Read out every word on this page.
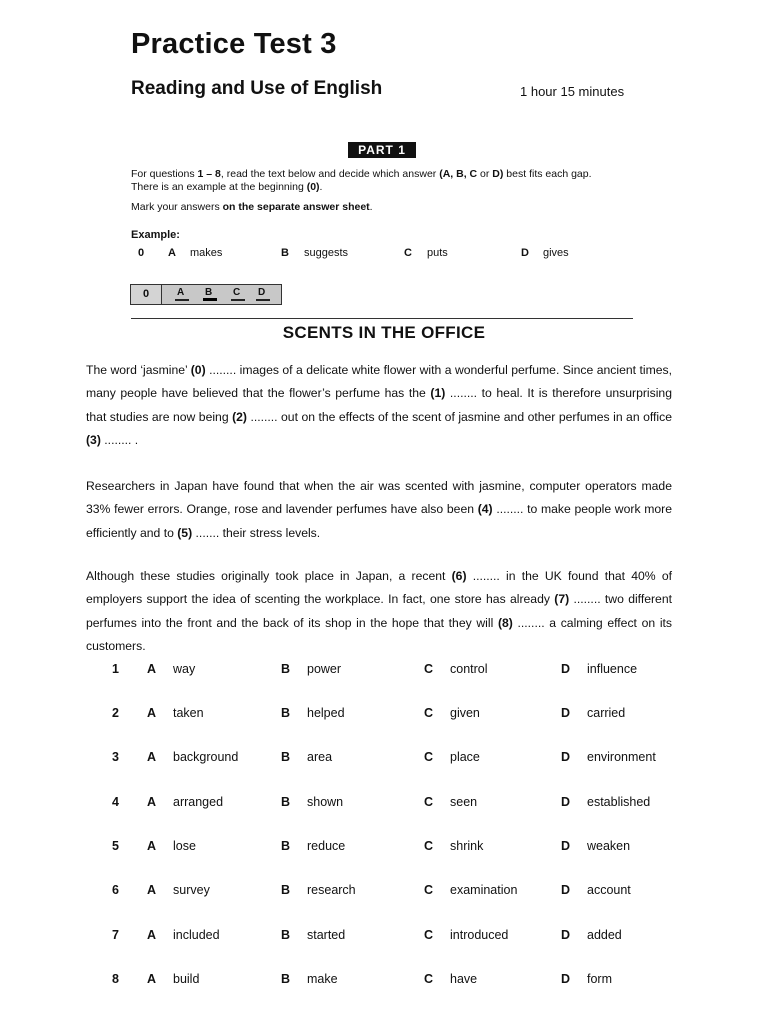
Practice Test 3
Reading and Use of English	1 hour 15 minutes
PART 1
For questions 1 – 8, read the text below and decide which answer (A, B, C or D) best fits each gap.
There is an example at the beginning (0).
Mark your answers on the separate answer sheet.
Example:
0 A makes	B suggests	C puts	D gives
0	A B C D
SCENTS IN THE OFFICE
The word ‘jasmine’ (0) ........ images of a delicate white flower with a wonderful perfume. Since ancient times, many people have believed that the flower’s perfume has the (1) ........ to heal. It is therefore unsurprising that studies are now being (2) ........ out on the effects of the scent of jasmine and other perfumes in an office (3) ........ .
Researchers in Japan have found that when the air was scented with jasmine, computer operators made 33% fewer errors. Orange, rose and lavender perfumes have also been (4) ........ to make people work more efficiently and to (5) ....... their stress levels.
Although these studies originally took place in Japan, a recent (6) ........ in the UK found that 40% of employers support the idea of scenting the workplace. In fact, one store has already (7) ........ two different perfumes into the front and the back of its shop in the hope that they will (8) ........ a calming effect on its customers.
1 A way	B power	C control	D influence
2 A taken	B helped	C given	D carried
3 A background	B area	C place	D environment
4 A arranged	B shown	C seen	D established
5 A lose	B reduce	C shrink	D weaken
6 A survey	B research	C examination	D account
7 A included	B started	C introduced	D added
8 A build	B make	C have	D form
